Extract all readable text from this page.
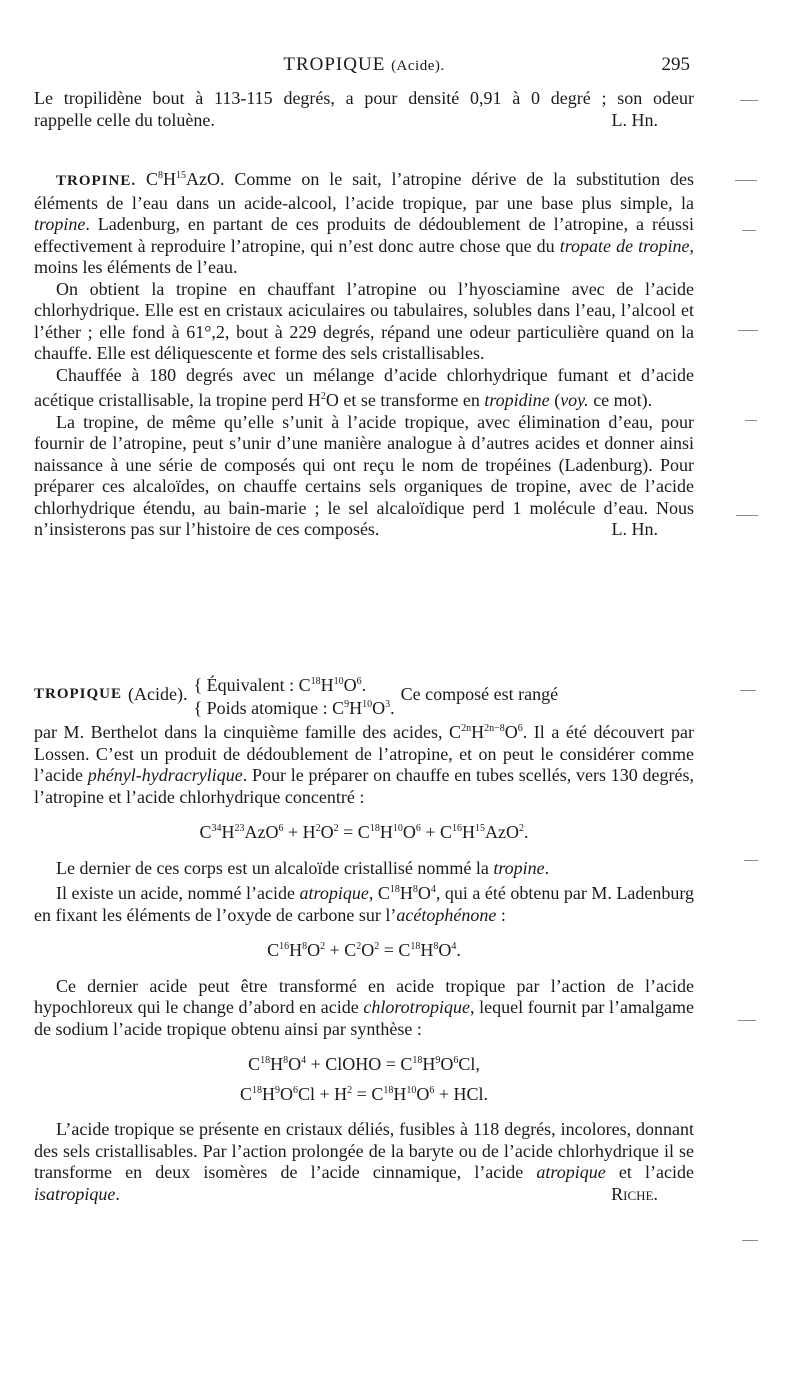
TROPIQUE (Acide).	295

Le tropilidène bout à 113-115 degrés, a pour densité 0,91 à 0 degré ; son odeur

rappelle celle du toluène.	L. Hn.

TROPINE. $C^8H^{15}AzO$. Comme on le sait, l’atropine dérive de la substitution des éléments de l’eau dans un acide-alcool, l’acide tropique, par une base plus simple, la tropine. Ladenburg, en partant de ces produits de dédoublement de l’atropine, a réussi effectivement à reproduire l’atropine, qui n’est donc autre chose que du tropate de tropine, moins les éléments de l’eau.

On obtient la tropine en chauffant l’atropine ou l’hyosciamine avec de l’acide chlorhydrique. Elle est en cristaux aciculaires ou tabulaires, solubles dans l’eau, l’alcool et l’éther ; elle fond à 61°,2, bout à 229 degrés, répand une odeur particulière quand on la chauffe. Elle est déliquescente et forme des sels cristallisables.

Chauffée à 180 degrés avec un mélange d’acide chlorhydrique fumant et d’acide acétique cristallisable, la tropine perd $H^2O$ et se transforme en tropidine (voy. ce mot).

La tropine, de même qu’elle s’unit à l’acide tropique, avec élimination d’eau, pour fournir de l’atropine, peut s’unir d’une manière analogue à d’autres acides et donner ainsi naissance à une série de composés qui ont reçu le nom de tropéines (Ladenburg). Pour préparer ces alcaloïdes, on chauffe certains sels organiques de tropine, avec de l’acide chlorhydrique étendu, au bain-marie ; le sel alcaloïdique perd 1 molécule d’eau. Nous n’insisterons pas sur l’histoire de ces composés.	L. Hn.

TROPIQUE (Acide). { Équivalent : $C^{18}H^{10}O^6$.
{ Poids atomique : $C^9H^{10}O^3$.
Ce composé est rangé

par M. Berthelot dans la cinquième famille des acides, $C^{2n}H^{2n-8}O^6$. Il a été découvert par Lossen. C’est un produit de dédoublement de l’atropine, et on peut le considérer comme l’acide phényl-hydracrylique. Pour le préparer on chauffe en tubes scellés, vers 130 degrés, l’atropine et l’acide chlorhydrique concentré :

$C^{34}H^{23}AzO^6 + H^2O^2 = C^{18}H^{10}O^6 + C^{16}H^{15}AzO^2$.

Le dernier de ces corps est un alcaloïde cristallisé nommé la tropine.

Il existe un acide, nommé l’acide atropique, $C^{18}H^8O^4$, qui a été obtenu par M. Ladenburg en fixant les éléments de l’oxyde de carbone sur l’acétophénone :

$C^{16}H^8O^2 + C^2O^2 = C^{18}H^8O^4$.

Ce dernier acide peut être transformé en acide tropique par l’action de l’acide hypochloreux qui le change d’abord en acide chlorotropique, lequel fournit par l’amalgame de sodium l’acide tropique obtenu ainsi par synthèse :

$C^{18}H^8O^4$ + ClOHO = $C^{18}H^9O^6Cl$,

$C^{18}H^9O^6Cl + H^2 = C^{18}H^{10}O^6$ + HCl.

L’acide tropique se présente en cristaux déliés, fusibles à 118 degrés, incolores, donnant des sels cristallisables. Par l’action prolongée de la baryte ou de l’acide chlorhydrique il se transforme en deux isomères de l’acide cinnamique, l’acide atropique et l’acide isatropique.	Riche.
